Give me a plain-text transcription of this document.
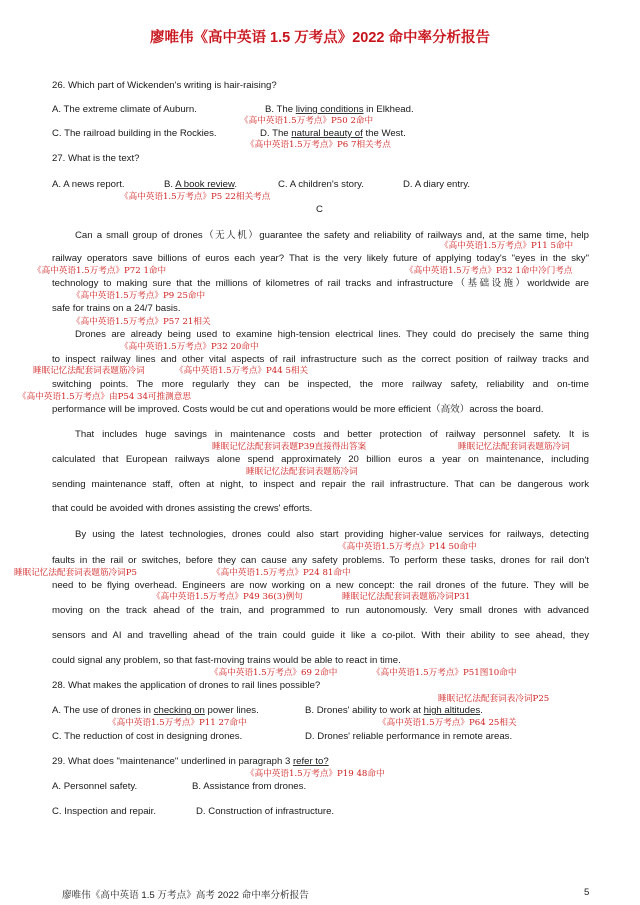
廖唯伟《高中英语 1.5 万考点》2022 命中率分析报告
26. Which part of Wickenden's writing is hair-raising?
A. The extreme climate of Auburn.	B. The living conditions in Elkhead.
《高中英语1.5万考点》P50 2命中
C. The railroad building in the Rockies.	D. The natural beauty of the West.
《高中英语1.5万考点》P6 7相关考点
27. What is the text?
A. A news report.	B. A book review.	C. A children's story.	D. A diary entry.
《高中英语1.5万考点》P5 22相关考点
C
Can a small group of drones（无人机）guarantee the safety and reliability of railways and, at the same time, help
《高中英语1.5万考点》P11 5命中
railway operators save billions of euros each year? That is the very likely future of applying today's "eyes in the sky"
《高中英语1.5万考点》P72 1命中	《高中英语1.5万考点》P32 1命中冷门考点
technology to making sure that the millions of kilometres of rail tracks and infrastructure（基础设施）worldwide are
《高中英语1.5万考点》P9 25命中
safe for trains on a 24/7 basis.
《高中英语1.5万考点》P57 21相关
Drones are already being used to examine high-tension electrical lines. They could do precisely the same thing
《高中英语1.5万考点》P32 20命中
to inspect railway lines and other vital aspects of rail infrastructure such as the correct position of railway tracks and
睡眠记忆法配套词表题筋冷词	《高中英语1.5万考点》P44 5相关
switching points. The more regularly they can be inspected, the more railway safety, reliability and on-time
《高中英语1.5万考点》由P54 34可推测意思
performance will be improved. Costs would be cut and operations would be more efficient（高效）across the board.
That includes huge savings in maintenance costs and better protection of railway personnel safety. It is
睡眠记忆法配套词表题P39直接得出答案	睡眠记忆法配套词表题筋冷词
calculated that European railways alone spend approximately 20 billion euros a year on maintenance, including
睡眠记忆法配套词表题筋冷词
sending maintenance staff, often at night, to inspect and repair the rail infrastructure. That can be dangerous work
that could be avoided with drones assisting the crews' efforts.
By using the latest technologies, drones could also start providing higher-value services for railways, detecting
《高中英语1.5万考点》P14 50命中
faults in the rail or switches, before they can cause any safety problems. To perform these tasks, drones for rail don't
睡眠记忆法配套词表题筋冷词P5	《高中英语1.5万考点》P24 81命中
need to be flying overhead. Engineers are now working on a new concept: the rail drones of the future. They will be
《高中英语1.5万考点》P49 36(3)例句	睡眠记忆法配套词表题筋冷词P31
moving on the track ahead of the train, and programmed to run autonomously. Very small drones with advanced
sensors and AI and travelling ahead of the train could guide it like a co-pilot. With their ability to see ahead, they
could signal any problem, so that fast-moving trains would be able to react in time.
《高中英语1.5万考点》69 2命中	《高中英语1.5万考点》P51图10命中
28. What makes the application of drones to rail lines possible?
睡眠记忆法配套词表冷词P25
A. The use of drones in checking on power lines.	B. Drones' ability to work at high altitudes.
《高中英语1.5万考点》P11 27命中	《高中英语1.5万考点》P64 25相关
C. The reduction of cost in designing drones.	D. Drones' reliable performance in remote areas.
29. What does "maintenance" underlined in paragraph 3 refer to?
《高中英语1.5万考点》P19 48命中
A. Personnel safety.	B. Assistance from drones.
C. Inspection and repair.	D. Construction of infrastructure.
廖唯伟《高中英语 1.5 万考点》高考 2022 命中率分析报告	5
